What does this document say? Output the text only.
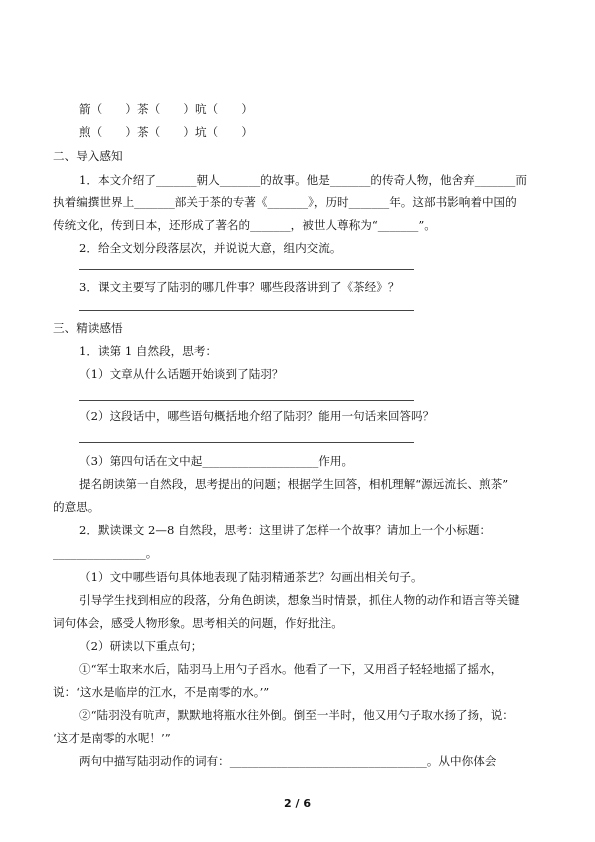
箭（　　）茶（　　）吭（　　）
煎（　　）茶（　　）坑（　　）
二、导入感知
1．本文介绍了_______朝人_______的故事。他是_______的传奇人物，他舍弃_______而
执着编撰世界上_______部关于茶的专著《_______》，历时_______年。这部书影响着中国的
传统文化，传到日本，还形成了著名的_______，被世人尊称为“_______”。
2．给全文划分段落层次，并说说大意，组内交流。
3．课文主要写了陆羽的哪几件事？哪些段落讲到了《茶经》？
三、精读感悟
1．读第 1 自然段，思考：
（1）文章从什么话题开始谈到了陆羽？
（2）这段话中，哪些语句概括地介绍了陆羽？能用一句话来回答吗？
（3）第四句话在文中起____________________作用。
提名朗读第一自然段，思考提出的问题；根据学生回答，相机理解“源远流长、煎茶”
的意思。
2．默读课文 2—8 自然段，思考：这里讲了怎样一个故事？请加上一个小标题：
________________。
（1）文中哪些语句具体地表现了陆羽精通茶艺？勾画出相关句子。
引导学生找到相应的段落，分角色朗读，想象当时情景，抓住人物的动作和语言等关键
词句体会，感受人物形象。思考相关的问题，作好批注。
（2）研读以下重点句；
①“军士取来水后，陆羽马上用勺子舀水。他看了一下，又用舀子轻轻地摇了摇水，
说：‘这水是临岸的江水，不是南零的水。’”
②“陆羽没有吭声，默默地将瓶水往外倒。倒至一半时，他又用勺子取水扬了扬，说：
‘这才是南零的水呢！’”
两句中描写陆羽动作的词有：__________________________________。从中你体会
2 / 6
